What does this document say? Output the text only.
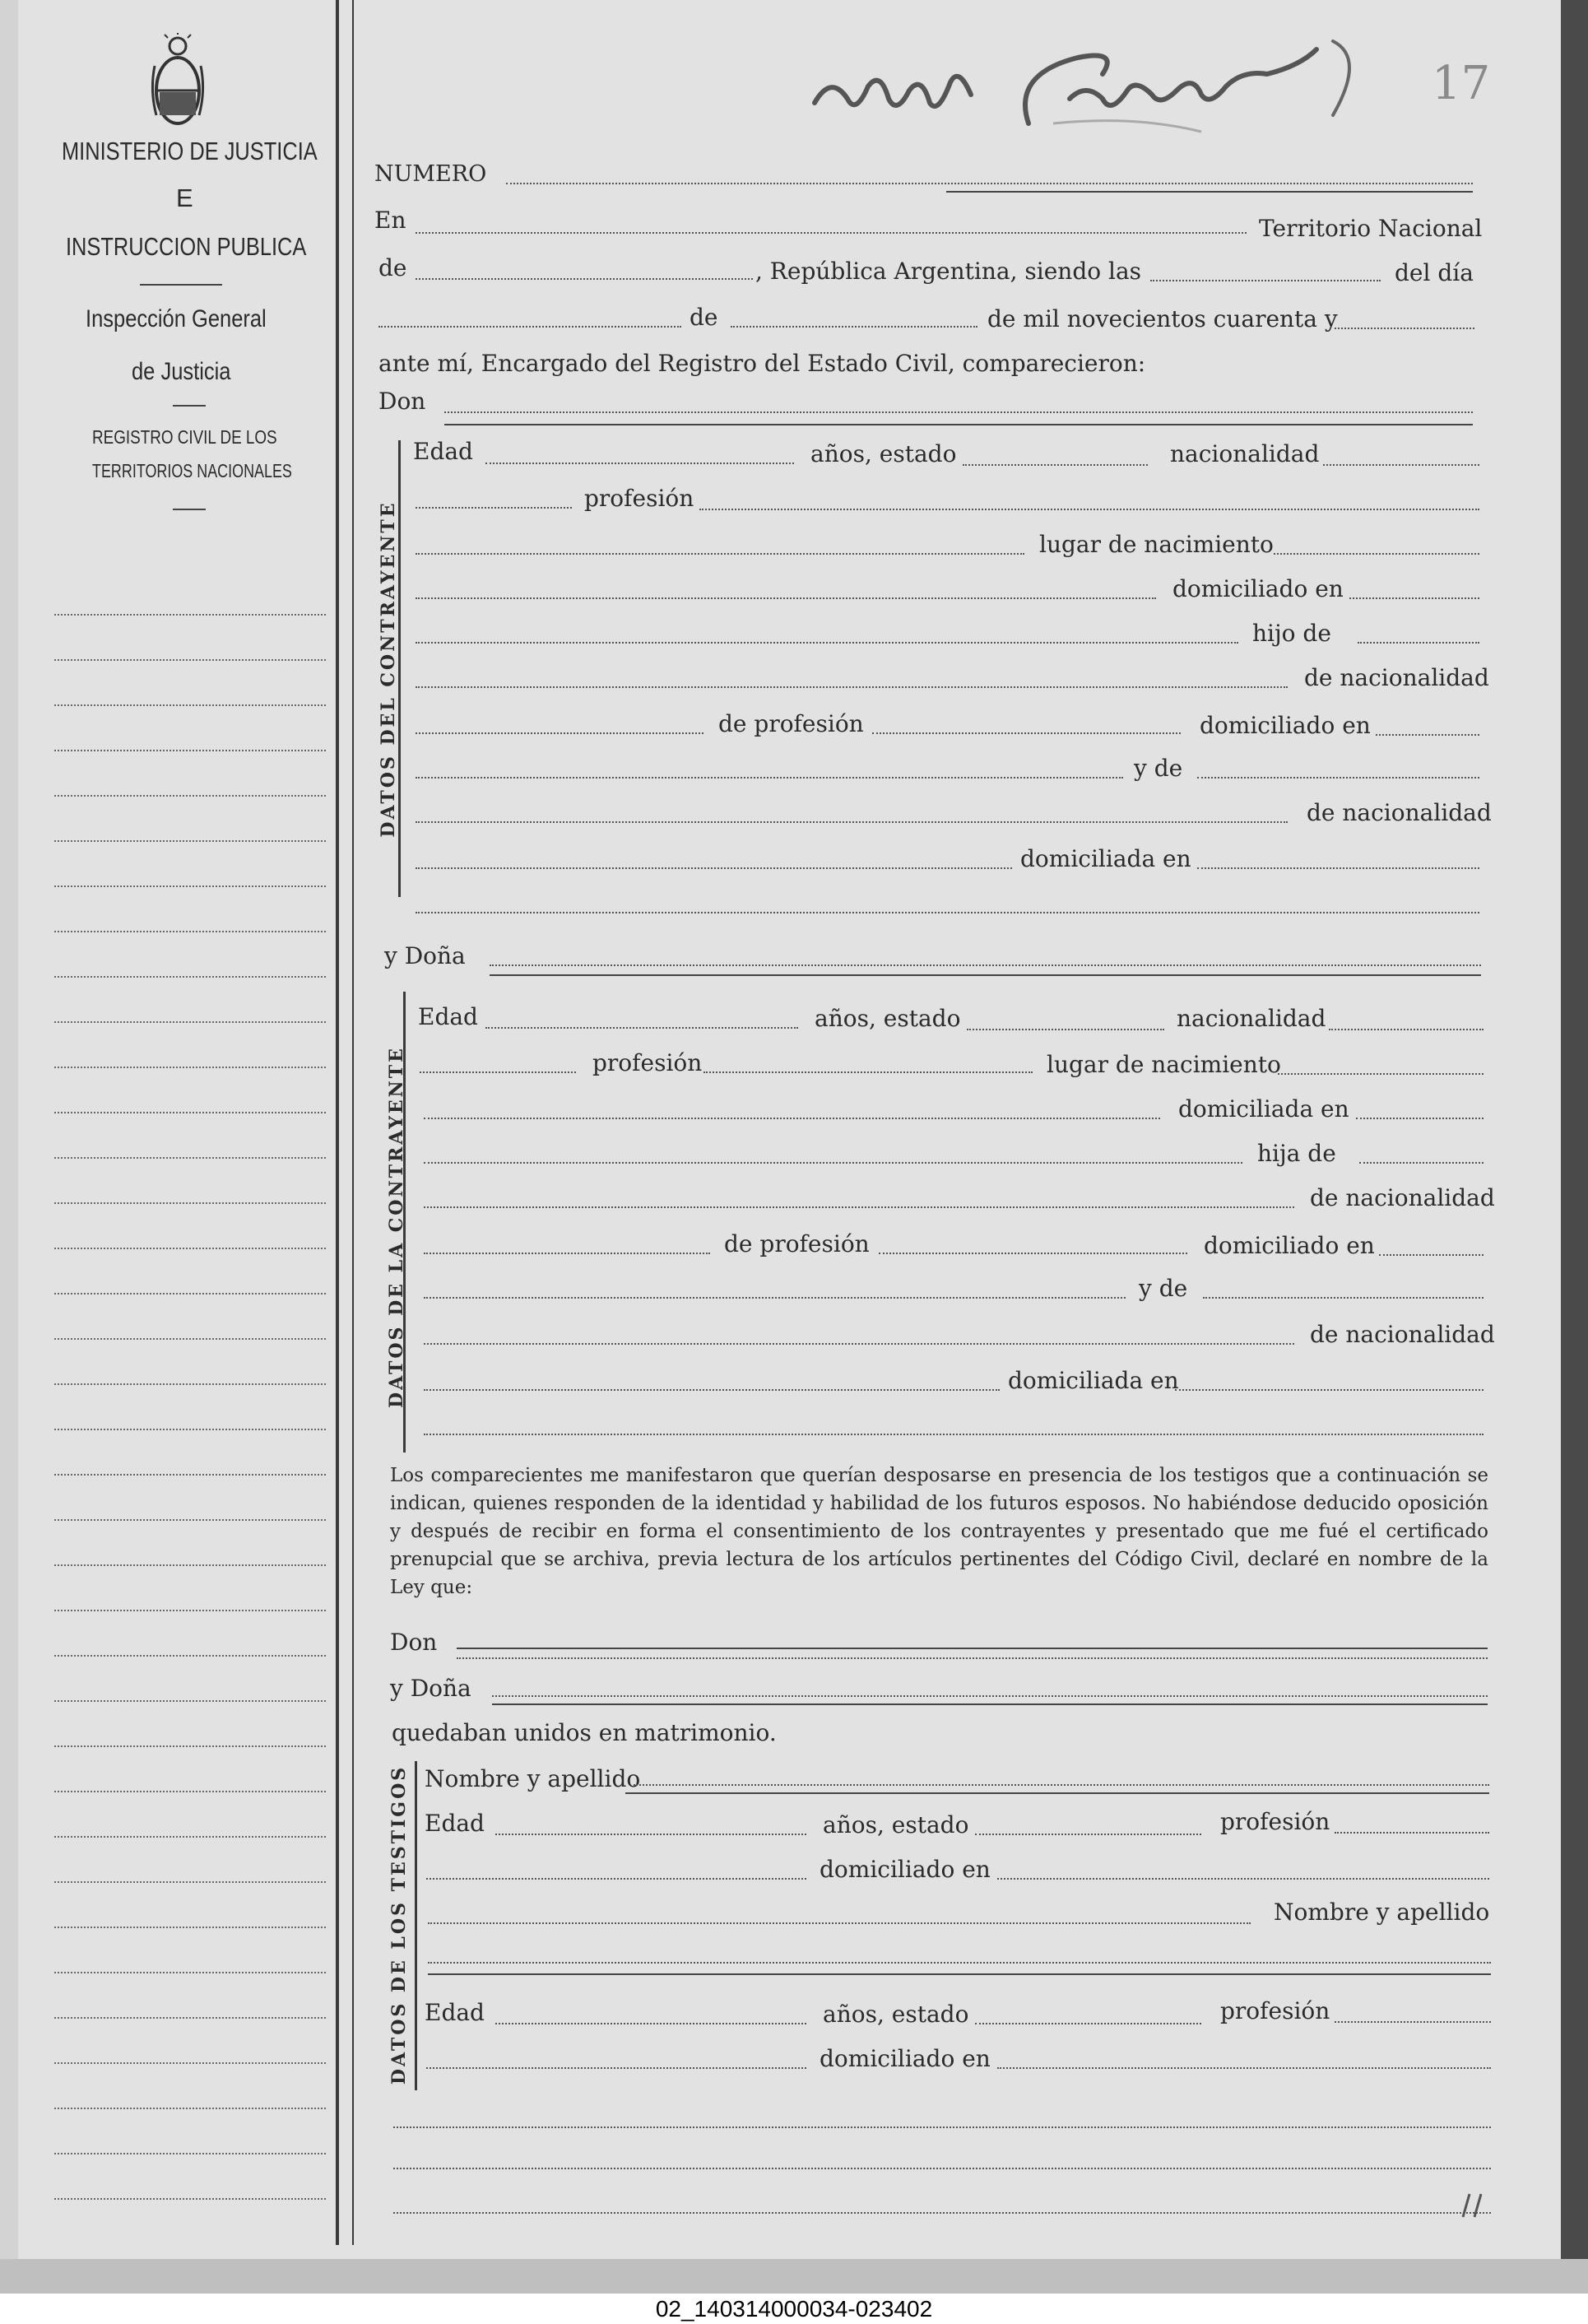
02_140314000034-023402
MINISTERIO DE JUSTICIA
E
INSTRUCCION PUBLICA
Inspección General
de Justicia
REGISTRO CIVIL DE LOS
TERRITORIOS NACIONALES
17
NUMERO
En	Territorio Nacional
de	, República Argentina, siendo las	del día
de	de mil novecientos cuarenta y
ante mí, Encargado del Registro del Estado Civil, comparecieron:
Don
DATOS DEL CONTRAYENTE
Edad	años, estado	nacionalidad
profesión
lugar de nacimiento
domiciliado en
hijo de
de nacionalidad
de profesión	domiciliado en
y de
de nacionalidad
domiciliada en
y Doña
DATOS DE LA CONTRAYENTE
Edad	años, estado	nacionalidad
profesión	lugar de nacimiento
domiciliada en
hija de
de nacionalidad
de profesión	domiciliado en
y de
de nacionalidad
domiciliada en
Los comparecientes me manifestaron que querían desposarse en presencia de los testigos que a continuación se indican, quienes responden de la identidad y habilidad de los futuros esposos. No habiéndose deducido oposición y después de recibir en forma el consentimiento de los contrayentes y presentado que me fué el certificado prenupcial que se archiva, previa lectura de los artículos pertinentes del Código Civil, declaré en nombre de la Ley que:
Don
y Doña
quedaban unidos en matrimonio.
DATOS DE LOS TESTIGOS Nombre y apellido
Edad	años, estado	profesión
domiciliado en
Nombre y apellido
Edad	años, estado	profesión
domiciliado en
